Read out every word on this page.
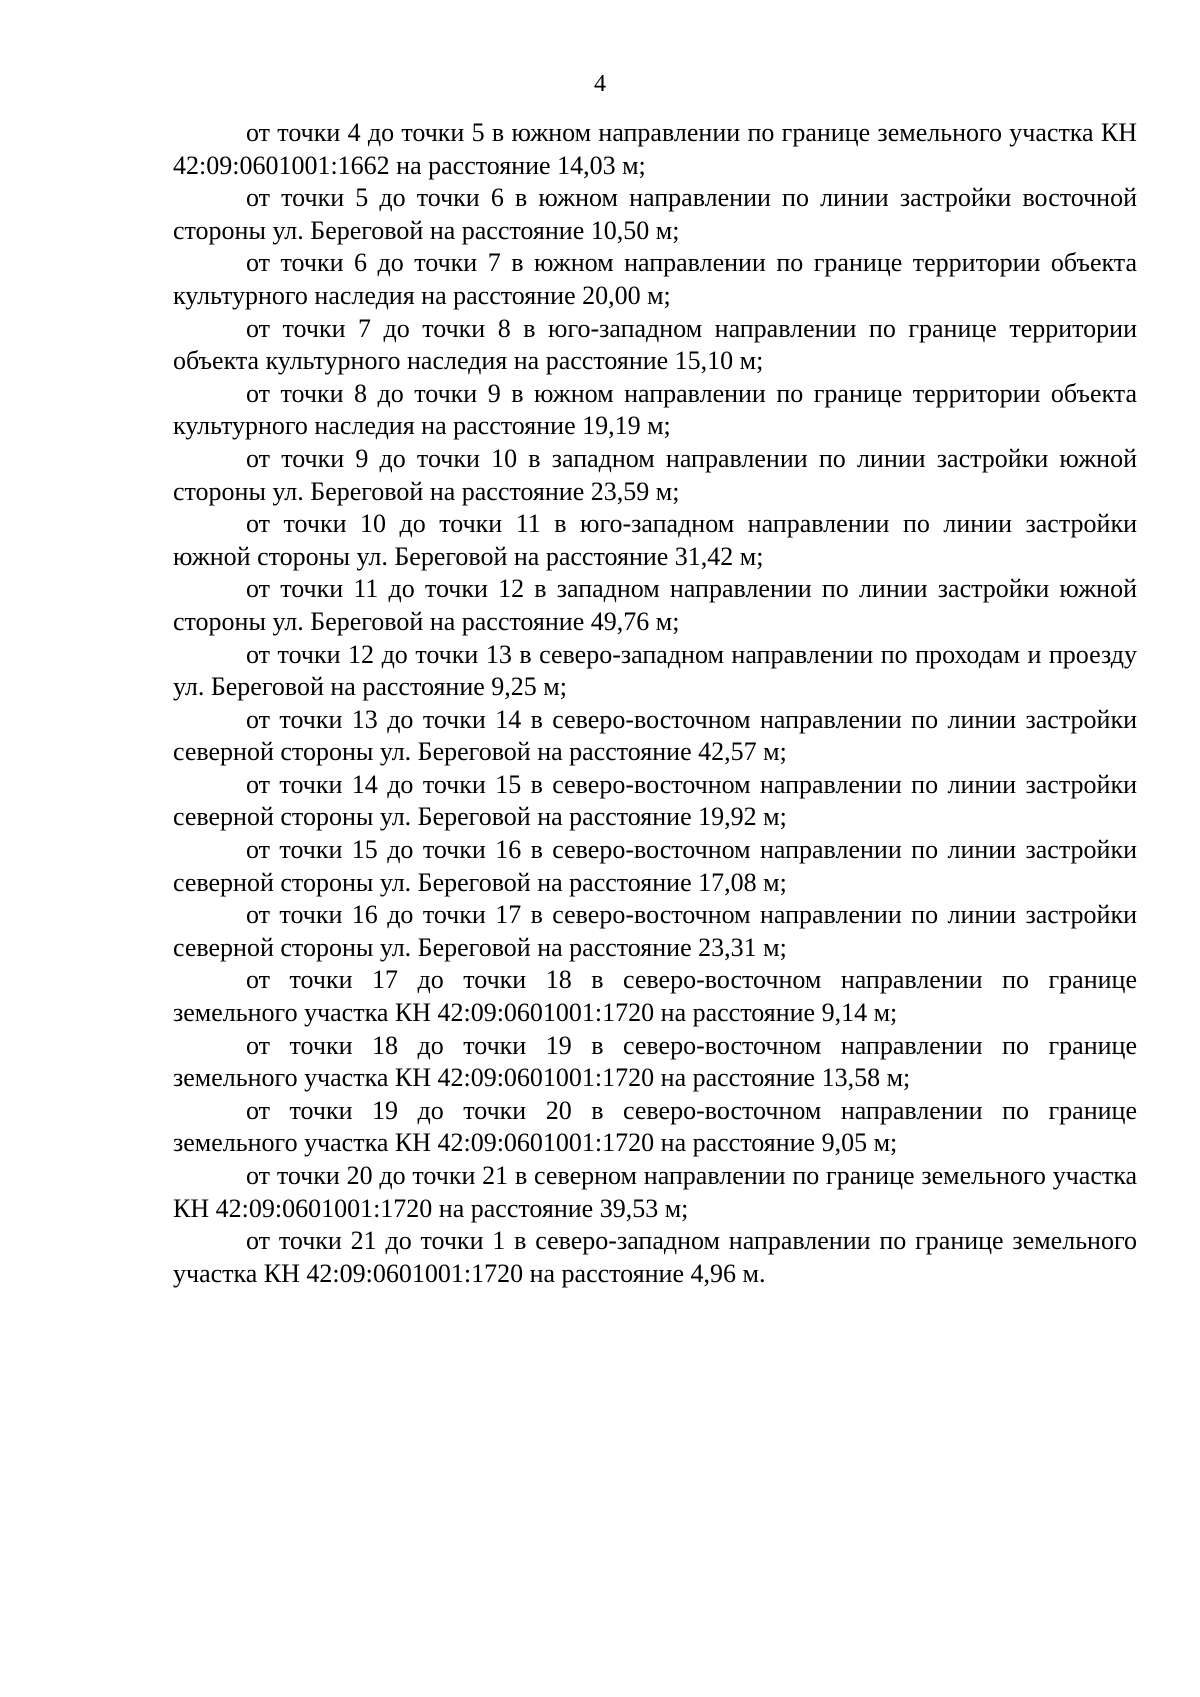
4

от точки 4 до точки 5 в южном направлении по границе земельного участка КН 42:09:0601001:1662 на расстояние 14,03 м;

от точки 5 до точки 6 в южном направлении по линии застройки восточной стороны ул. Береговой на расстояние 10,50 м;

от точки 6 до точки 7 в южном направлении по границе территории объекта культурного наследия на расстояние 20,00 м;

от точки 7 до точки 8 в юго-западном направлении по границе территории объекта культурного наследия на расстояние 15,10 м;

от точки 8 до точки 9 в южном направлении по границе территории объекта культурного наследия на расстояние 19,19 м;

от точки 9 до точки 10 в западном направлении по линии застройки южной стороны ул. Береговой на расстояние 23,59 м;

от точки 10 до точки 11 в юго-западном направлении по линии застройки южной стороны ул. Береговой на расстояние 31,42 м;

от точки 11 до точки 12 в западном направлении по линии застройки южной стороны ул. Береговой на расстояние 49,76 м;

от точки 12 до точки 13 в северо-западном направлении по проходам и проезду ул. Береговой на расстояние 9,25 м;

от точки 13 до точки 14 в северо-восточном направлении по линии застройки северной стороны ул. Береговой на расстояние 42,57 м;

от точки 14 до точки 15 в северо-восточном направлении по линии застройки северной стороны ул. Береговой на расстояние 19,92 м;

от точки 15 до точки 16 в северо-восточном направлении по линии застройки северной стороны ул. Береговой на расстояние 17,08 м;

от точки 16 до точки 17 в северо-восточном направлении по линии застройки северной стороны ул. Береговой на расстояние 23,31 м;

от точки 17 до точки 18 в северо-восточном направлении по границе земельного участка КН 42:09:0601001:1720 на расстояние 9,14 м;

от точки 18 до точки 19 в северо-восточном направлении по границе земельного участка КН 42:09:0601001:1720 на расстояние 13,58 м;

от точки 19 до точки 20 в северо-восточном направлении по границе земельного участка КН 42:09:0601001:1720 на расстояние 9,05 м;

от точки 20 до точки 21 в северном направлении по границе земельного участка КН 42:09:0601001:1720 на расстояние 39,53 м;

от точки 21 до точки 1 в северо-западном направлении по границе земельного участка КН 42:09:0601001:1720 на расстояние 4,96 м.
